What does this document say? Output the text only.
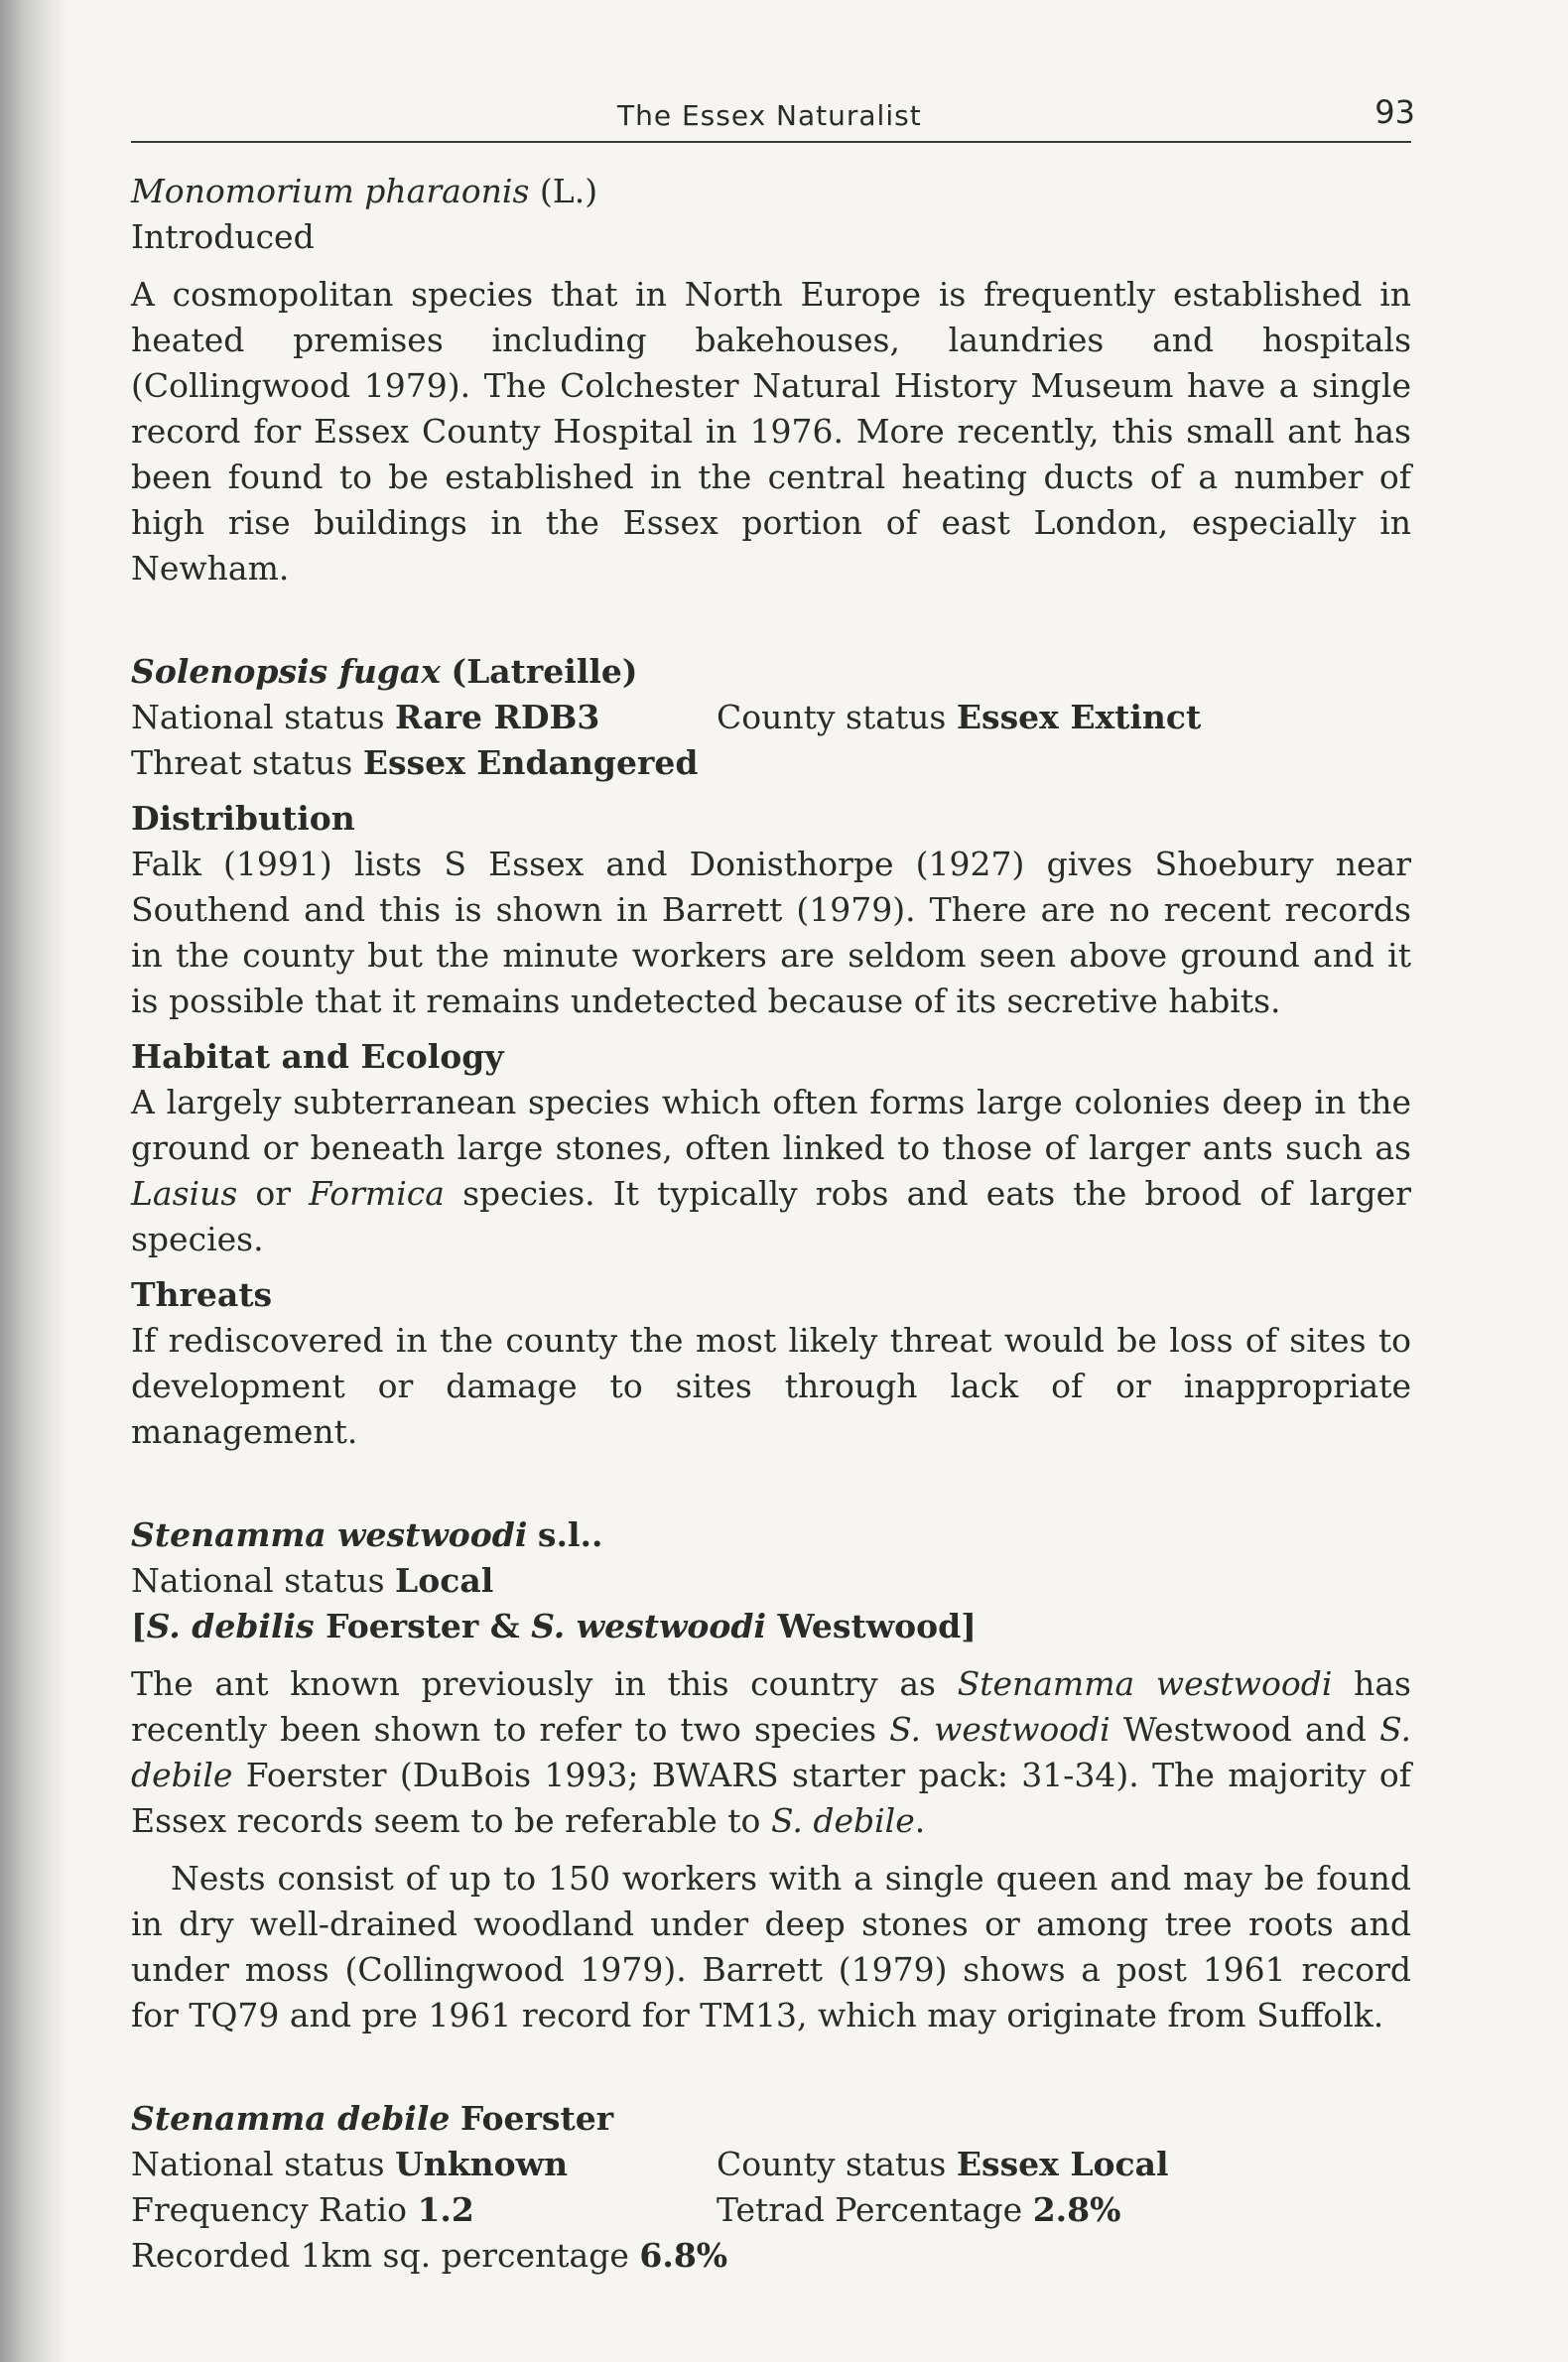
The Essex Naturalist	93
Monomorium pharaonis (L.)
Introduced

A cosmopolitan species that in North Europe is frequently established in heated premises including bakehouses, laundries and hospitals (Collingwood 1979). The Colchester Natural History Museum have a single record for Essex County Hospital in 1976. More recently, this small ant has been found to be established in the central heating ducts of a number of high rise buildings in the Essex portion of east London, especially in Newham.

Solenopsis fugax (Latreille)
National status Rare RDB3	County status Essex Extinct
Threat status Essex Endangered
Distribution

Falk (1991) lists S Essex and Donisthorpe (1927) gives Shoebury near Southend and this is shown in Barrett (1979). There are no recent records in the county but the minute workers are seldom seen above ground and it is possible that it remains undetected because of its secretive habits.

Habitat and Ecology

A largely subterranean species which often forms large colonies deep in the ground or beneath large stones, often linked to those of larger ants such as Lasius or Formica species. It typically robs and eats the brood of larger species.

Threats

If rediscovered in the county the most likely threat would be loss of sites to development or damage to sites through lack of or inappropriate management.

Stenamma westwoodi s.l..
National status Local
[S. debilis Foerster & S. westwoodi Westwood]

The ant known previously in this country as Stenamma westwoodi has recently been shown to refer to two species S. westwoodi Westwood and S. debile Foerster (DuBois 1993; BWARS starter pack: 31-34). The majority of Essex records seem to be referable to S. debile.

Nests consist of up to 150 workers with a single queen and may be found in dry well-drained woodland under deep stones or among tree roots and under moss (Collingwood 1979). Barrett (1979) shows a post 1961 record for TQ79 and pre 1961 record for TM13, which may originate from Suffolk.

Stenamma debile Foerster
National status Unknown	County status Essex Local
Frequency Ratio 1.2	Tetrad Percentage 2.8%
Recorded 1km sq. percentage 6.8%
